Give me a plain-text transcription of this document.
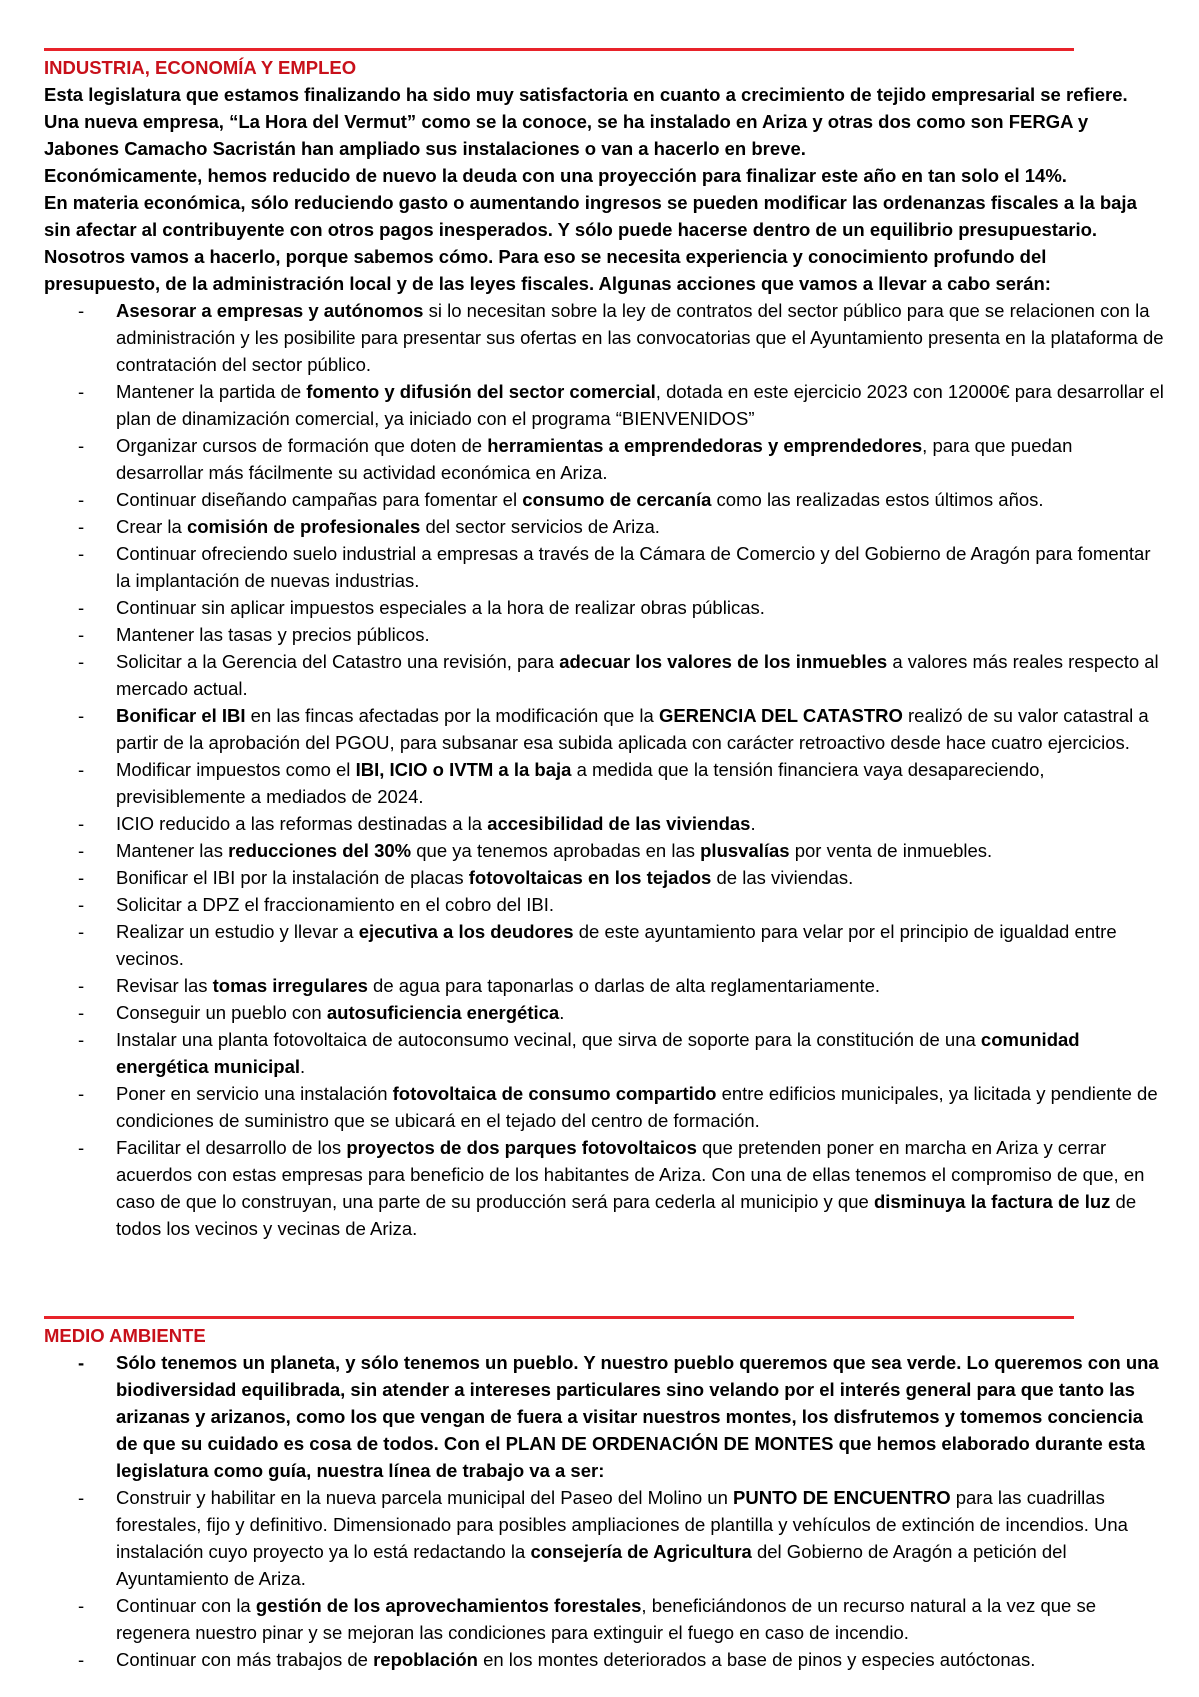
INDUSTRIA, ECONOMÍA Y EMPLEO

Esta legislatura que estamos finalizando ha sido muy satisfactoria en cuanto a crecimiento de tejido empresarial se refiere. Una nueva empresa, “La Hora del Vermut” como se la conoce, se ha instalado en Ariza y otras dos como son FERGA y Jabones Camacho Sacristán han ampliado sus instalaciones o van a hacerlo en breve.

Económicamente, hemos reducido de nuevo la deuda con una proyección para finalizar este año en tan solo el 14%.

En materia económica, sólo reduciendo gasto o aumentando ingresos se pueden modificar las ordenanzas fiscales a la baja sin afectar al contribuyente con otros pagos inesperados. Y sólo puede hacerse dentro de un equilibrio presupuestario. Nosotros vamos a hacerlo, porque sabemos cómo. Para eso se necesita experiencia y conocimiento profundo del presupuesto, de la administración local y de las leyes fiscales. Algunas acciones que vamos a llevar a cabo serán:

- Asesorar a empresas y autónomos si lo necesitan sobre la ley de contratos del sector público para que se relacionen con la administración y les posibilite para presentar sus ofertas en las convocatorias que el Ayuntamiento presenta en la plataforma de contratación del sector público.
- Mantener la partida de fomento y difusión del sector comercial, dotada en este ejercicio 2023 con 12000€ para desarrollar el plan de dinamización comercial, ya iniciado con el programa “BIENVENIDOS”
- Organizar cursos de formación que doten de herramientas a emprendedoras y emprendedores, para que puedan desarrollar más fácilmente su actividad económica en Ariza.
- Continuar diseñando campañas para fomentar el consumo de cercanía como las realizadas estos últimos años.
- Crear la comisión de profesionales del sector servicios de Ariza.
- Continuar ofreciendo suelo industrial a empresas a través de la Cámara de Comercio y del Gobierno de Aragón para fomentar la implantación de nuevas industrias.
- Continuar sin aplicar impuestos especiales a la hora de realizar obras públicas.
- Mantener las tasas y precios públicos.
- Solicitar a la Gerencia del Catastro una revisión, para adecuar los valores de los inmuebles a valores más reales respecto al mercado actual.
- Bonificar el IBI en las fincas afectadas por la modificación que la GERENCIA DEL CATASTRO realizó de su valor catastral a partir de la aprobación del PGOU, para subsanar esa subida aplicada con carácter retroactivo desde hace cuatro ejercicios.
- Modificar impuestos como el IBI, ICIO o IVTM a la baja a medida que la tensión financiera vaya desapareciendo, previsiblemente a mediados de 2024.
- ICIO reducido a las reformas destinadas a la accesibilidad de las viviendas.
- Mantener las reducciones del 30% que ya tenemos aprobadas en las plusvalías por venta de inmuebles.
- Bonificar el IBI por la instalación de placas fotovoltaicas en los tejados de las viviendas.
- Solicitar a DPZ el fraccionamiento en el cobro del IBI.
- Realizar un estudio y llevar a ejecutiva a los deudores de este ayuntamiento para velar por el principio de igualdad entre vecinos.
- Revisar las tomas irregulares de agua para taponarlas o darlas de alta reglamentariamente.
- Conseguir un pueblo con autosuficiencia energética.
- Instalar una planta fotovoltaica de autoconsumo vecinal, que sirva de soporte para la constitución de una comunidad energética municipal.
- Poner en servicio una instalación fotovoltaica de consumo compartido entre edificios municipales, ya licitada y pendiente de condiciones de suministro que se ubicará en el tejado del centro de formación.
- Facilitar el desarrollo de los proyectos de dos parques fotovoltaicos que pretenden poner en marcha en Ariza y cerrar acuerdos con estas empresas para beneficio de los habitantes de Ariza. Con una de ellas tenemos el compromiso de que, en caso de que lo construyan, una parte de su producción será para cederla al municipio y que disminuya la factura de luz de todos los vecinos y vecinas de Ariza.
MEDIO AMBIENTE
- Sólo tenemos un planeta, y sólo tenemos un pueblo. Y nuestro pueblo queremos que sea verde. Lo queremos con una biodiversidad equilibrada, sin atender a intereses particulares sino velando por el interés general para que tanto las arizanas y arizanos, como los que vengan de fuera a visitar nuestros montes, los disfrutemos y tomemos conciencia de que su cuidado es cosa de todos. Con el PLAN DE ORDENACIÓN DE MONTES que hemos elaborado durante esta legislatura como guía, nuestra línea de trabajo va a ser:
- Construir y habilitar en la nueva parcela municipal del Paseo del Molino un PUNTO DE ENCUENTRO para las cuadrillas forestales, fijo y definitivo. Dimensionado para posibles ampliaciones de plantilla y vehículos de extinción de incendios. Una instalación cuyo proyecto ya lo está redactando la consejería de Agricultura del Gobierno de Aragón a petición del Ayuntamiento de Ariza.
- Continuar con la gestión de los aprovechamientos forestales, beneficiándonos de un recurso natural a la vez que se regenera nuestro pinar y se mejoran las condiciones para extinguir el fuego en caso de incendio.
- Continuar con más trabajos de repoblación en los montes deteriorados a base de pinos y especies autóctonas.
